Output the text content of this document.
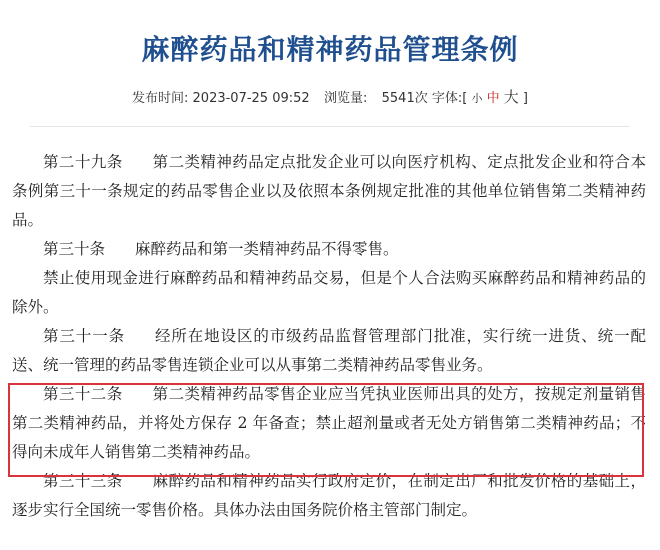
麻醉药品和精神药品管理条例
发布时间: 2023-07-25 09:52 浏览量: 5541次 字体:[ 小 中 大 ]

第二十九条 第二类精神药品定点批发企业可以向医疗机构、定点批发企业和符合本条例第三十一条规定的药品零售企业以及依照本条例规定批准的其他单位销售第二类精神药品。

第三十条 麻醉药品和第一类精神药品不得零售。

禁止使用现金进行麻醉药品和精神药品交易，但是个人合法购买麻醉药品和精神药品的除外。

第三十一条 经所在地设区的市级药品监督管理部门批准，实行统一进货、统一配送、统一管理的药品零售连锁企业可以从事第二类精神药品零售业务。

第三十二条 第二类精神药品零售企业应当凭执业医师出具的处方，按规定剂量销售第二类精神药品，并将处方保存 2 年备查；禁止超剂量或者无处方销售第二类精神药品；不得向未成年人销售第二类精神药品。

第三十三条 麻醉药品和精神药品实行政府定价，在制定出厂和批发价格的基础上，逐步实行全国统一零售价格。具体办法由国务院价格主管部门制定。
